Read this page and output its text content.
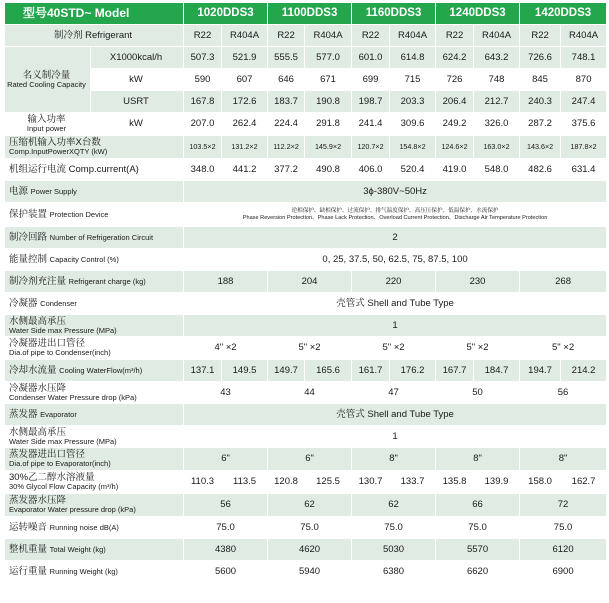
型号40STD~ Model		1020DDS3		1100DDS3		1160DDS3		1240DDS3		1420DDS3	
制冷剂 Refrigerant		R22	R404A	R22	R404A	R22	R404A	R22	R404A	R22	R404A

名义制冷量
Rated Cooling Capacity	X1000kcal/h	507.3	521.9	555.5	577.0	601.0	614.8	624.2	643.2	726.6	748.1
	kW	590	607	646	671	699	715	726	748	845	870
	USRT	167.8	172.6	183.7	190.8	198.7	203.3	206.4	212.7	240.3	247.4

输入功率
Input power	kW	207.0	262.4	224.4	291.8	241.4	309.6	249.2	326.0	287.2	375.6

压缩机输入功率X台数
Comp.InputPowerXQTY (kW)		103.5×2	131.2×2	112.2×2	145.9×2	120.7×2	154.8×2	124.6×2	163.0×2	143.6×2	187.8×2
机组运行电流 Comp.current(A)		348.0	441.2	377.2	490.8	406.0	520.4	419.0	548.0	482.6	631.4
电源 Power Supply		3ϕ-380V~50Hz									
保护装置 Protection Device		逆相保护、缺相保护、过流保护、排气温度保护、高压压保护、低温保护、水流保护
Phase Reversion Protection、Phase Lack Protection、Overload Current Protection、Discharge Air Temperature Protection									

制冷回路 Number of Refrigeration Circuit		2									
能量控制 Capacity Control (%)		0, 25, 37.5, 50, 62.5, 75, 87.5, 100									
制冷剂充注量 Refrigerant charge (kg)		188		204		220		230		268	
冷凝器 Condenser		壳管式 Shell and Tube Type									

水侧最高承压
Water Side max Pressure (MPa)		1									

冷凝器进出口管径
Dia.of pipe to Condenser(inch)		4" ×2		5" ×2		5" ×2		5" ×2		5" ×2	
冷却水流量 Cooling WaterFlow(m³/h)		137.1	149.5	149.7	165.6	161.7	176.2	167.7	184.7	194.7	214.2

冷凝器水压降
Condenser Water Pressure drop (kPa)		43		44		47		50		56	
蒸发器 Evaporator		壳管式 Shell and Tube Type									

水侧最高承压
Water Side max Pressure (MPa)		1									

蒸发器进出口管径
Dia.of pipe to Evaporator(inch)		6"		6"		8"		8"		8"	

30%乙二醇水溶液量
30% Glycol Flow Capacity (m³/h)		110.3	113.5	120.8	125.5	130.7	133.7	135.8	139.9	158.0	162.7

蒸发器水压降
Evaporator Water pressure drop (kPa)		56		62		62		66		72	
运转噪音 Running noise dB(A)		75.0		75.0		75.0		75.0		75.0	
整机重量 Total Weight (kg)		4380		4620		5030		5570		6120	
运行重量 Running Weight (kg)		5600		5940		6380		6620		6900	
